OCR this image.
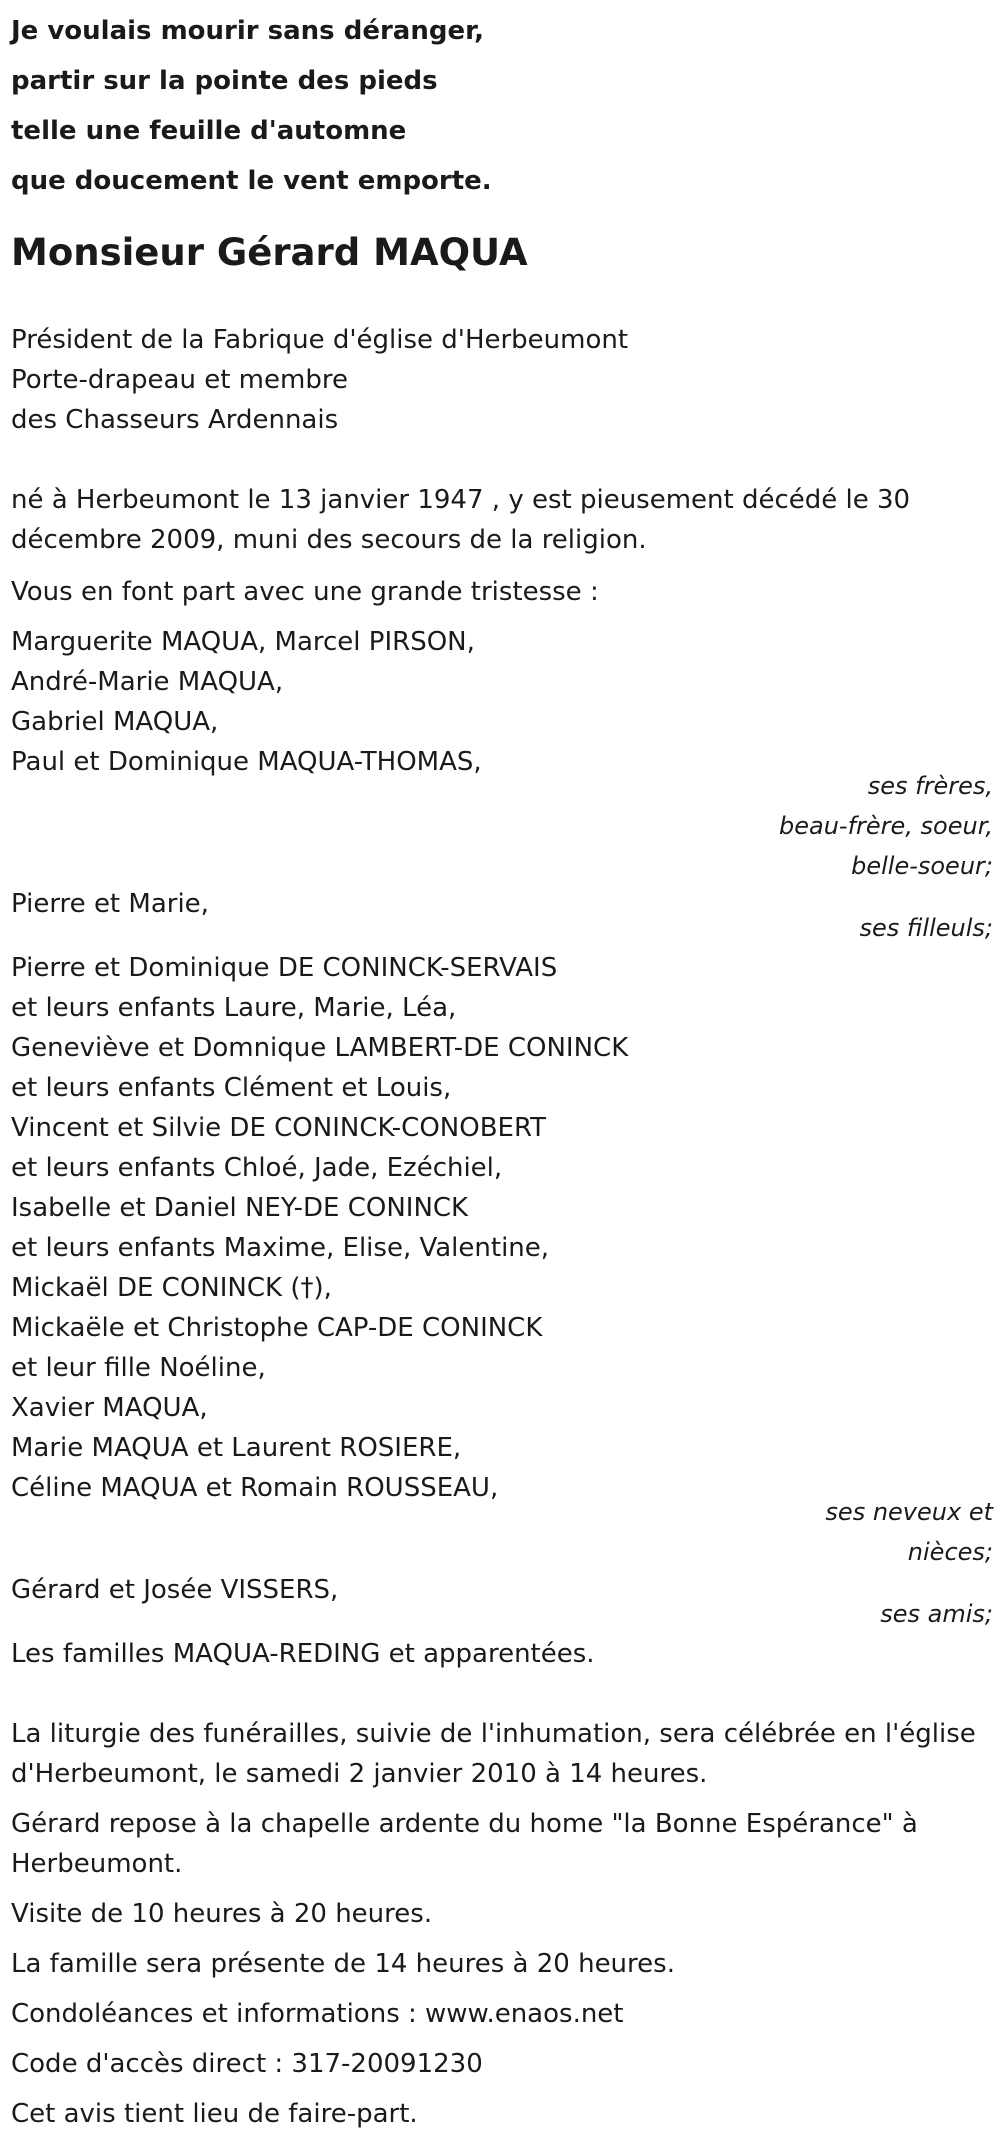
Je voulais mourir sans déranger,
partir sur la pointe des pieds
telle une feuille d'automne
que doucement le vent emporte.
Monsieur Gérard MAQUA
Président de la Fabrique d'église d'Herbeumont
Porte-drapeau et membre
des Chasseurs Ardennais
né à Herbeumont le 13 janvier 1947 , y est pieusement décédé le 30 décembre 2009, muni des secours de la religion.
Vous en font part avec une grande tristesse :
Marguerite MAQUA, Marcel PIRSON,
André-Marie MAQUA,
Gabriel MAQUA,
Paul et Dominique MAQUA-THOMAS,
ses frères,
beau-frère, soeur,
belle-soeur;
Pierre et Marie,
ses filleuls;
Pierre et Dominique DE CONINCK-SERVAIS
et leurs enfants Laure, Marie, Léa,
Geneviève et Domnique LAMBERT-DE CONINCK
et leurs enfants Clément et Louis,
Vincent et Silvie DE CONINCK-CONOBERT
et leurs enfants Chloé, Jade, Ezéchiel,
Isabelle et Daniel NEY-DE CONINCK
et leurs enfants Maxime, Elise, Valentine,
Mickaël DE CONINCK (†),
Mickaële et Christophe CAP-DE CONINCK
et leur fille Noéline,
Xavier MAQUA,
Marie MAQUA et Laurent ROSIERE,
Céline MAQUA et Romain ROUSSEAU,
ses neveux et
nièces;
Gérard et Josée VISSERS,
ses amis;
Les familles MAQUA-REDING et apparentées.
La liturgie des funérailles, suivie de l'inhumation, sera célébrée en l'église d'Herbeumont, le samedi 2 janvier 2010 à 14 heures.
Gérard repose à la chapelle ardente du home "la Bonne Espérance" à Herbeumont.
Visite de 10 heures à 20 heures.
La famille sera présente de 14 heures à 20 heures.
Condoléances et informations : www.enaos.net
Code d'accès direct : 317-20091230
Cet avis tient lieu de faire-part.
